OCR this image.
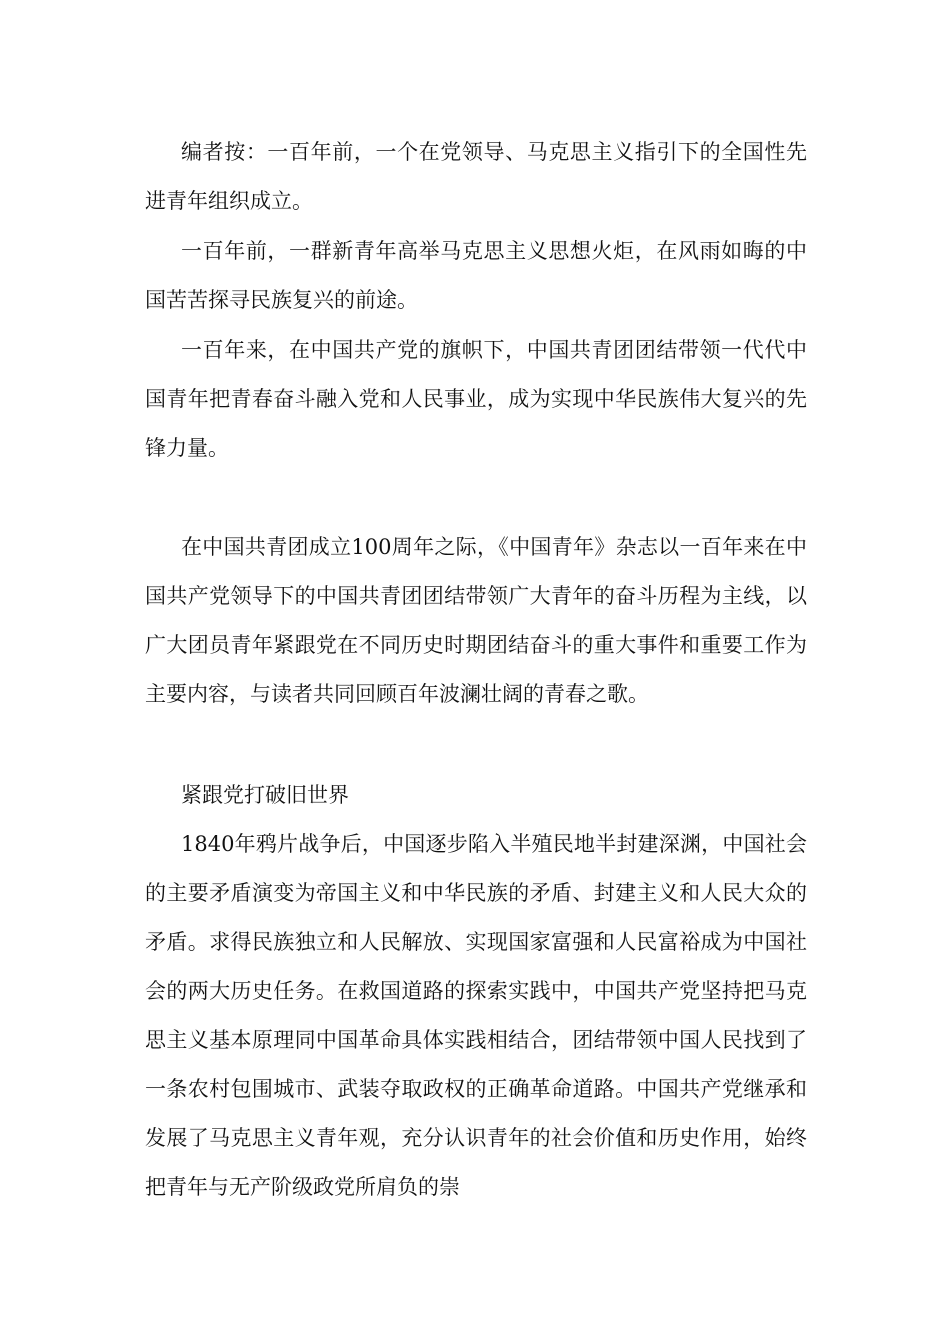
编者按：一百年前，一个在党领导、马克思主义指引下的全国性先进青年组织成立。

一百年前，一群新青年高举马克思主义思想火炬，在风雨如晦的中国苦苦探寻民族复兴的前途。

一百年来，在中国共产党的旗帜下，中国共青团团结带领一代代中国青年把青春奋斗融入党和人民事业，成为实现中华民族伟大复兴的先锋力量。

在中国共青团成立100周年之际，《中国青年》杂志以一百年来在中国共产党领导下的中国共青团团结带领广大青年的奋斗历程为主线，以广大团员青年紧跟党在不同历史时期团结奋斗的重大事件和重要工作为主要内容，与读者共同回顾百年波澜壮阔的青春之歌。

紧跟党打破旧世界

1840年鸦片战争后，中国逐步陷入半殖民地半封建深渊，中国社会的主要矛盾演变为帝国主义和中华民族的矛盾、封建主义和人民大众的矛盾。求得民族独立和人民解放、实现国家富强和人民富裕成为中国社会的两大历史任务。在救国道路的探索实践中，中国共产党坚持把马克思主义基本原理同中国革命具体实践相结合，团结带领中国人民找到了一条农村包围城市、武装夺取政权的正确革命道路。中国共产党继承和发展了马克思主义青年观，充分认识青年的社会价值和历史作用，始终把青年与无产阶级政党所肩负的崇
